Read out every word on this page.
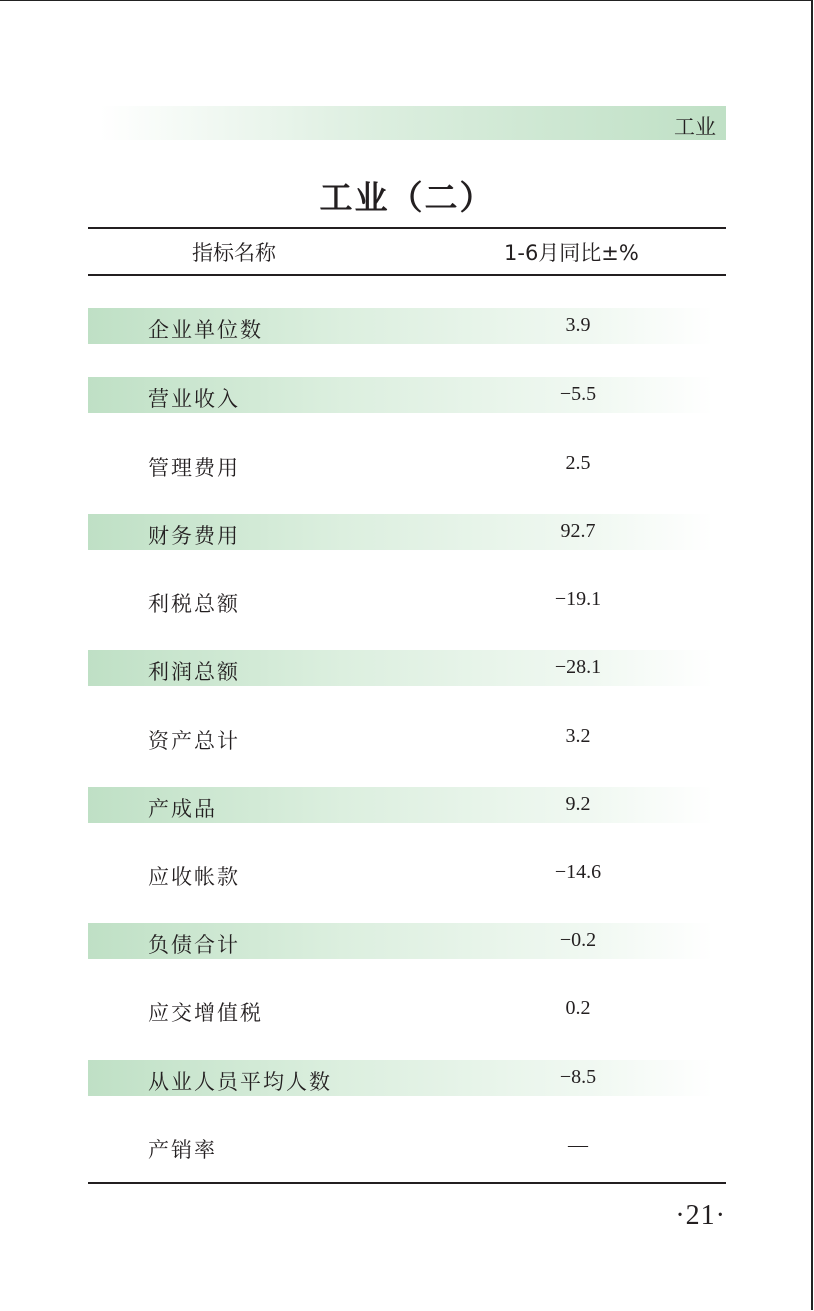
工业
工业（二）
指标名称	1-6月同比±%
企业单位数	3.9
营业收入	−5.5
管理费用	2.5
财务费用	92.7
利税总额	−19.1
利润总额	−28.1
资产总计	3.2
产成品	9.2
应收帐款	−14.6
负债合计	−0.2
应交增值税	0.2
从业人员平均人数	−8.5
产销率	—
·21·
